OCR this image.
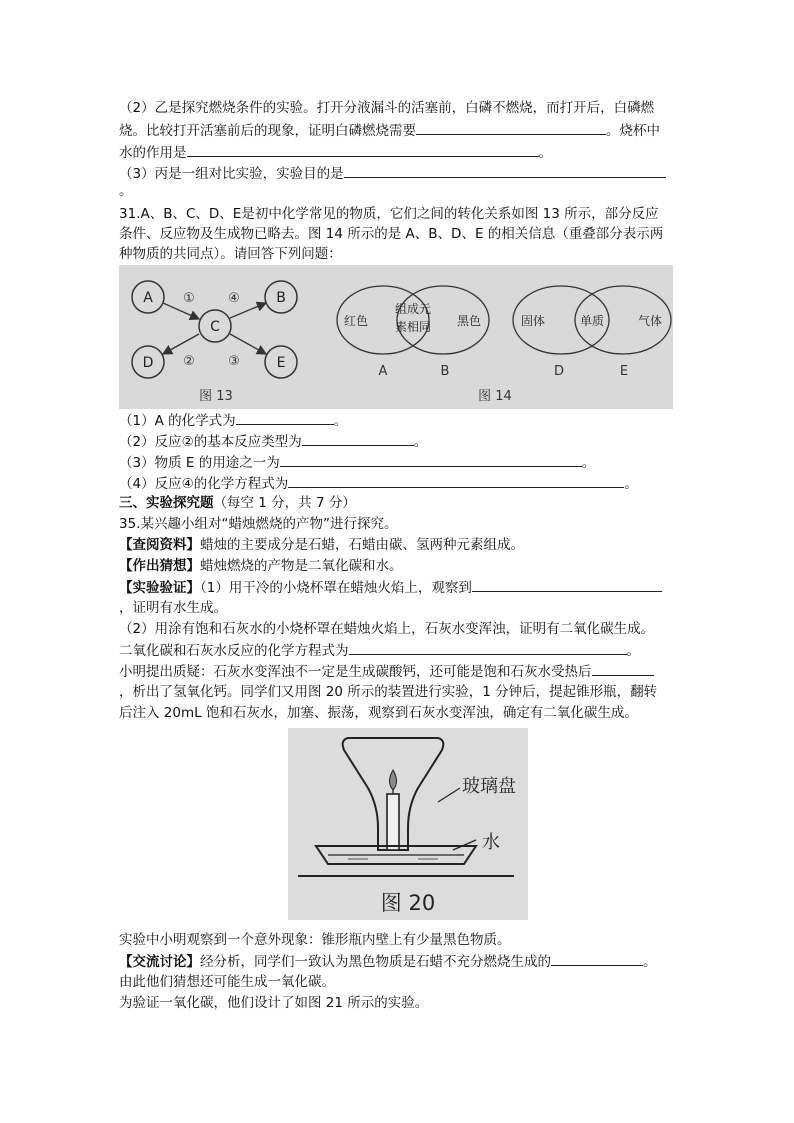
（2）乙是探究燃烧条件的实验。打开分液漏斗的活塞前，白磷不燃烧，而打开后，白磷燃
烧。比较打开活塞前后的现象，证明白磷燃烧需要	。烧杯中
水的作用是	。
（3）丙是一组对比实验，实验目的是
。
31.A、B、C、D、E是初中化学常见的物质，它们之间的转化关系如图 13 所示，部分反应
条件、反应物及生成物已略去。图 14 所示的是 A、B、D、E 的相关信息（重叠部分表示两
种物质的共同点）。请回答下列问题：
A	B
C
D	E
①	④
②	③
图 13
红色
组成元
素相同 黑色
A	B
固体	单质	气体
D	E
图 14
（1）A 的化学式为	。
（2）反应②的基本反应类型为	。
（3）物质 E 的用途之一为	。
（4）反应④的化学方程式为	。
三、实验探究题（每空 1 分，共 7 分）
35.某兴趣小组对“蜡烛燃烧的产物”进行探究。
【查阅资料】蜡烛的主要成分是石蜡，石蜡由碳、氢两种元素组成。
【作出猜想】蜡烛燃烧的产物是二氧化碳和水。
【实验验证】（1）用干冷的小烧杯罩在蜡烛火焰上，观察到
，证明有水生成。
（2）用涂有饱和石灰水的小烧杯罩在蜡烛火焰上，石灰水变浑浊，证明有二氧化碳生成。
二氧化碳和石灰水反应的化学方程式为	。
小明提出质疑：石灰水变浑浊不一定是生成碳酸钙，还可能是饱和石灰水受热后
，析出了氢氧化钙。同学们又用图 20 所示的装置进行实验，1 分钟后，提起锥形瓶，翻转
后注入 20mL 饱和石灰水，加塞、振荡，观察到石灰水变浑浊，确定有二氧化碳生成。
玻璃盘
水
图 20
实验中小明观察到一个意外现象：锥形瓶内壁上有少量黑色物质。
【交流讨论】经分析，同学们一致认为黑色物质是石蜡不充分燃烧生成的	。
由此他们猜想还可能生成一氧化碳。
为验证一氧化碳，他们设计了如图 21 所示的实验。
